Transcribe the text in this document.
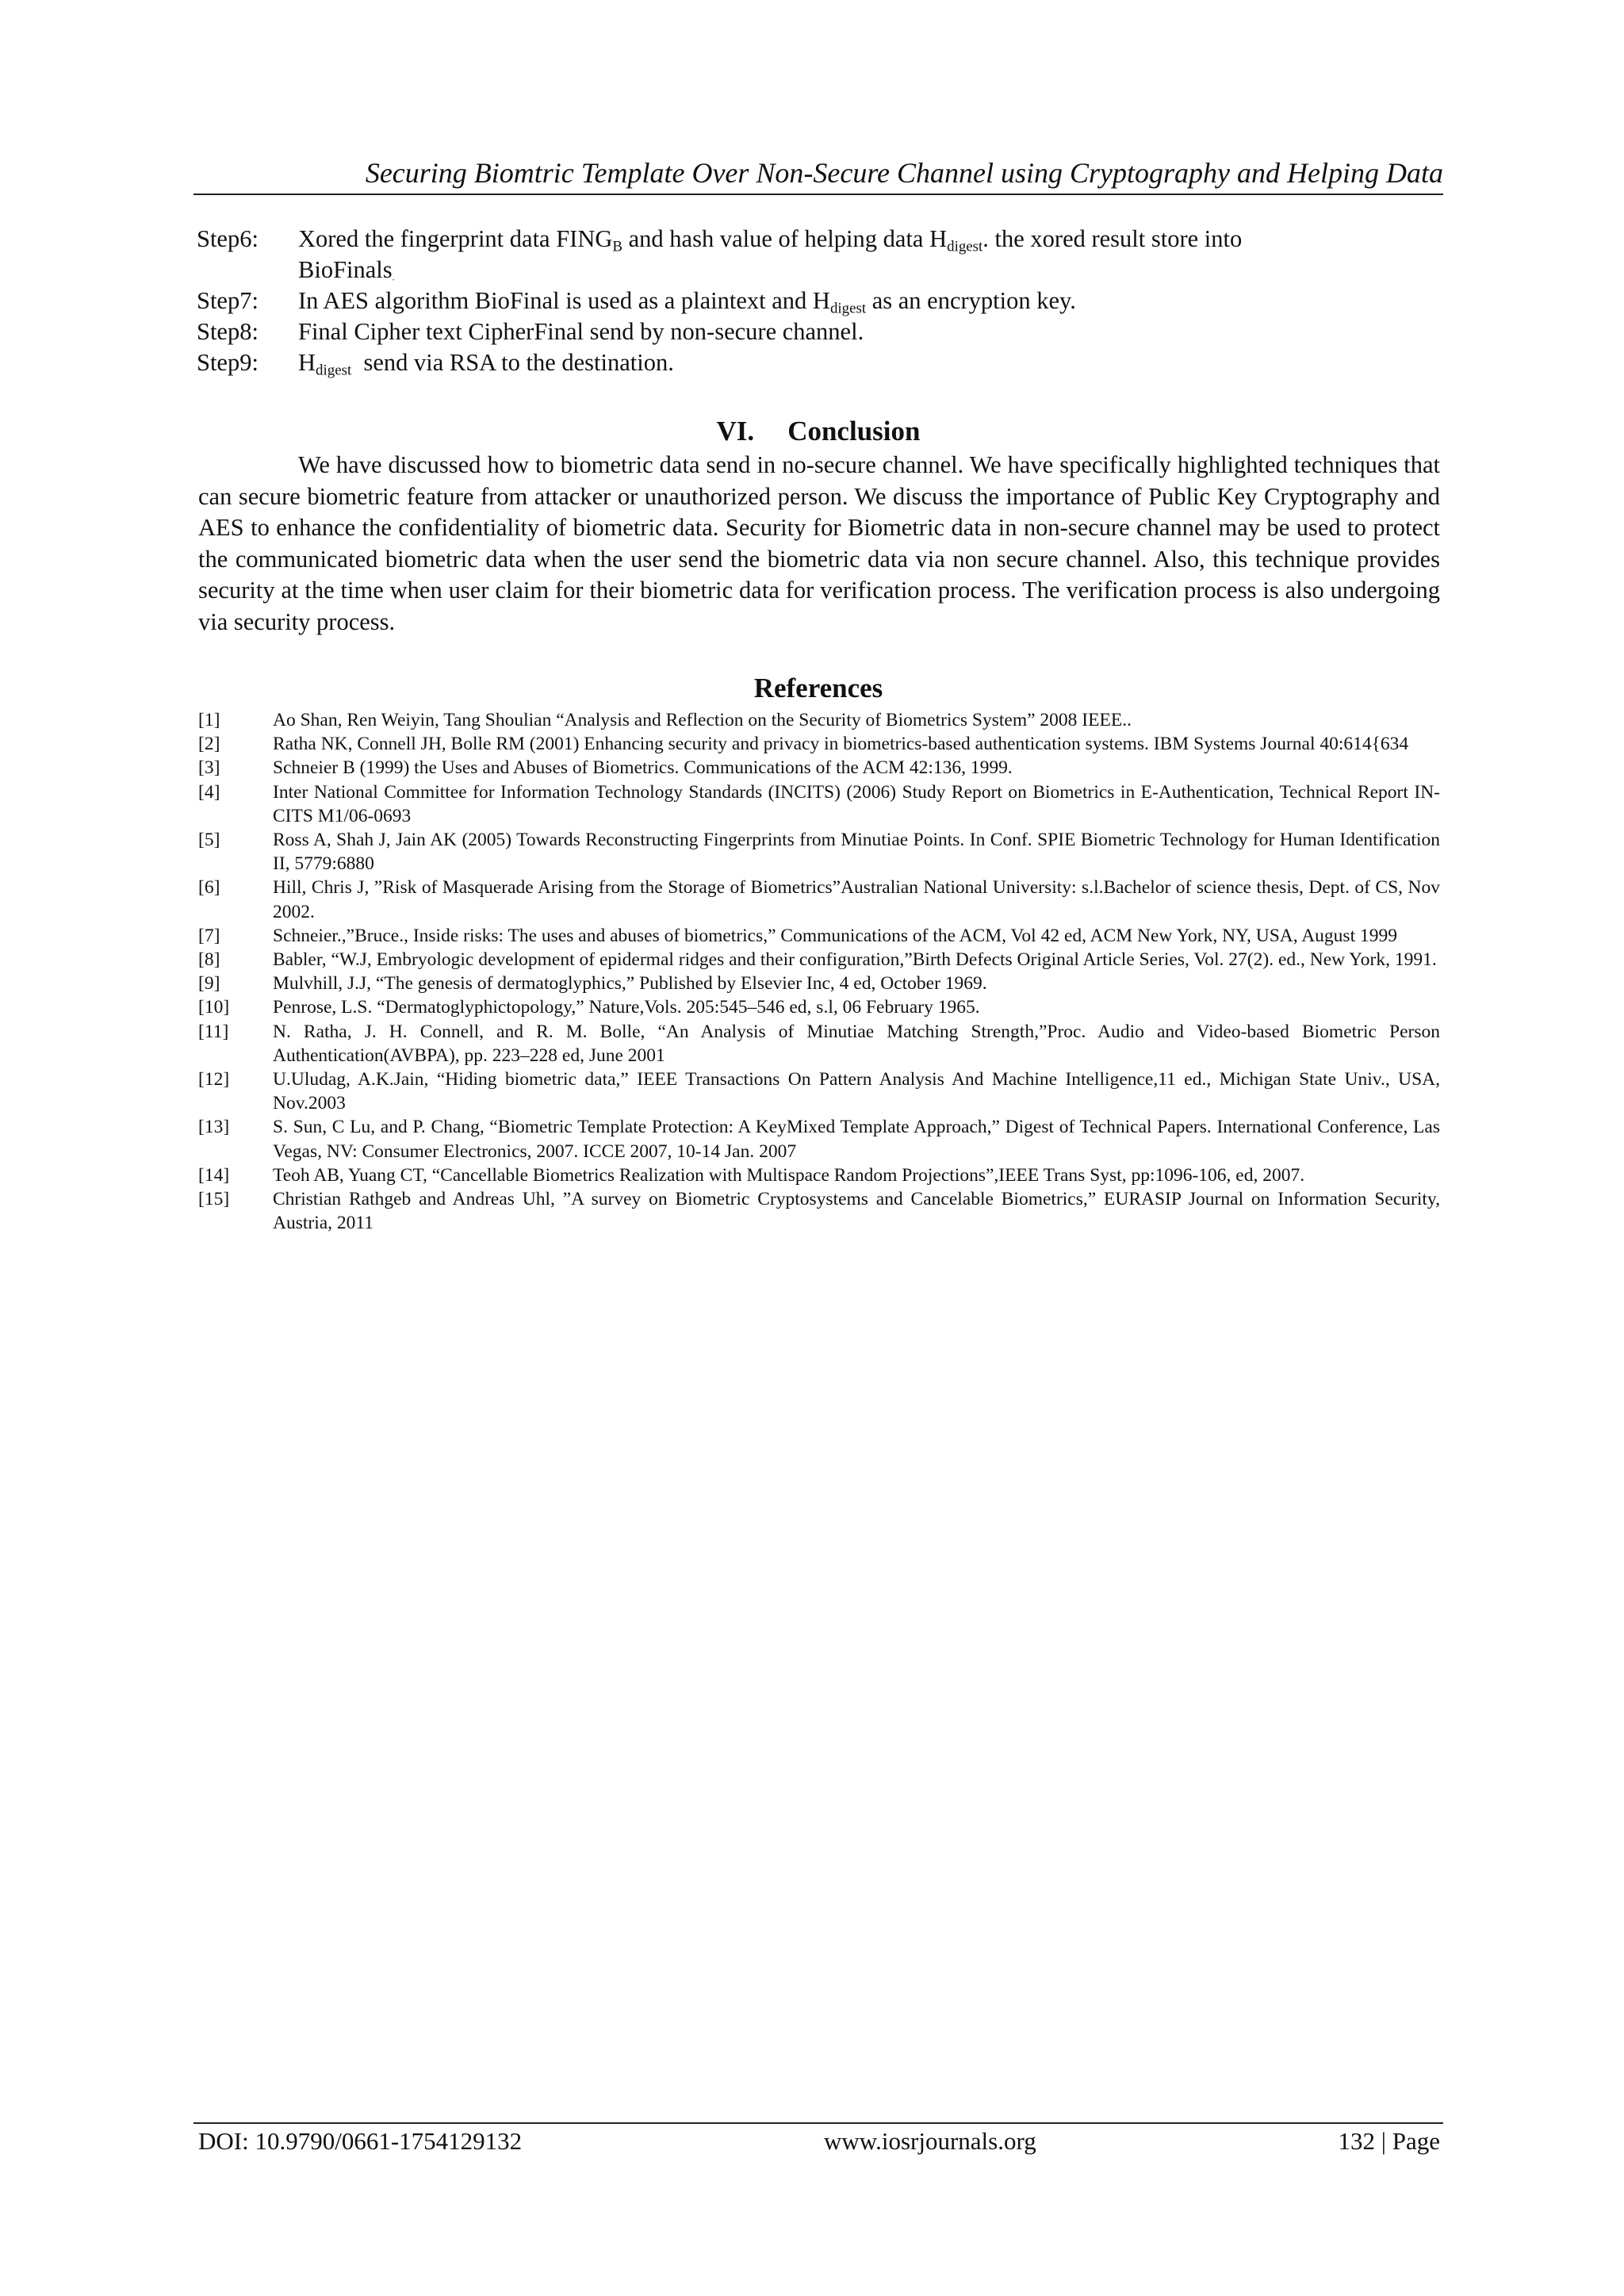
Securing Biomtric Template Over Non-Secure Channel using Cryptography and Helping Data
Step6:	Xored the fingerprint data $FING_B$ and hash value of helping data $H_{digest}$. the xored result store into
BioFinals$_.$
Step7:	In AES algorithm BioFinal is used as a plaintext and $H_{digest}$ as an encryption key.
Step8:	Final Cipher text CipherFinal send by non-secure channel.
Step9:	$H_{digest}$  send via RSA to the destination.
VI. Conclusion
We have discussed how to biometric data send in no-secure channel. We have specifically highlighted techniques that can secure biometric feature from attacker or unauthorized person. We discuss the importance of Public Key Cryptography and AES to enhance the confidentiality of biometric data. Security for Biometric data in non-secure channel may be used to protect the communicated biometric data when the user send the biometric data via non secure channel. Also, this technique provides security at the time when user claim for their biometric data for verification process. The verification process is also undergoing via security process.
References
[1]	Ao Shan, Ren Weiyin, Tang Shoulian “Analysis and Reflection on the Security of Biometrics System” 2008 IEEE..
[2]	Ratha NK, Connell JH, Bolle RM (2001) Enhancing security and privacy in biometrics-based authentication systems. IBM Systems Journal 40:614{634
[3]	Schneier B (1999) the Uses and Abuses of Biometrics. Communications of the ACM 42:136, 1999.
[4]	Inter National Committee for Information Technology Standards (INCITS) (2006) Study Report on Biometrics in E-Authentication, Technical Report IN-CITS M1/06-0693
[5]	Ross A, Shah J, Jain AK (2005) Towards Reconstructing Fingerprints from Minutiae Points. In Conf. SPIE Biometric Technology for Human Identification II, 5779:6880
[6]	Hill, Chris J, ”Risk of Masquerade Arising from the Storage of Biometrics”Australian National University: s.l.Bachelor of science thesis, Dept. of CS, Nov 2002.
[7]	Schneier.,”Bruce., Inside risks: The uses and abuses of biometrics,” Communications of the ACM, Vol 42 ed, ACM New York, NY, USA, August 1999
[8]	Babler, “W.J, Embryologic development of epidermal ridges and their configuration,”Birth Defects Original Article Series, Vol. 27(2). ed., New York, 1991.
[9]	Mulvhill, J.J, “The genesis of dermatoglyphics,” Published by Elsevier Inc, 4 ed, October 1969.
[10]	Penrose, L.S. “Dermatoglyphictopology,” Nature,Vols. 205:545–546 ed, s.l, 06 February 1965.
[11]	N. Ratha, J. H. Connell, and R. M. Bolle, “An Analysis of Minutiae Matching Strength,”Proc. Audio and Video-based Biometric Person Authentication(AVBPA), pp. 223–228 ed, June 2001
[12]	U.Uludag, A.K.Jain, “Hiding biometric data,” IEEE Transactions On Pattern Analysis And Machine Intelligence,11 ed., Michigan State Univ., USA, Nov.2003
[13]	S. Sun, C Lu, and P. Chang, “Biometric Template Protection: A KeyMixed Template Approach,” Digest of Technical Papers. International Conference, Las Vegas, NV: Consumer Electronics, 2007. ICCE 2007, 10-14 Jan. 2007
[14]	Teoh AB, Yuang CT, “Cancellable Biometrics Realization with Multispace Random Projections”,IEEE Trans Syst, pp:1096-106, ed, 2007.
[15]	Christian Rathgeb and Andreas Uhl, ”A survey on Biometric Cryptosystems and Cancelable Biometrics,” EURASIP Journal on Information Security, Austria, 2011
DOI: 10.9790/0661-1754129132	www.iosrjournals.org	132 | Page
